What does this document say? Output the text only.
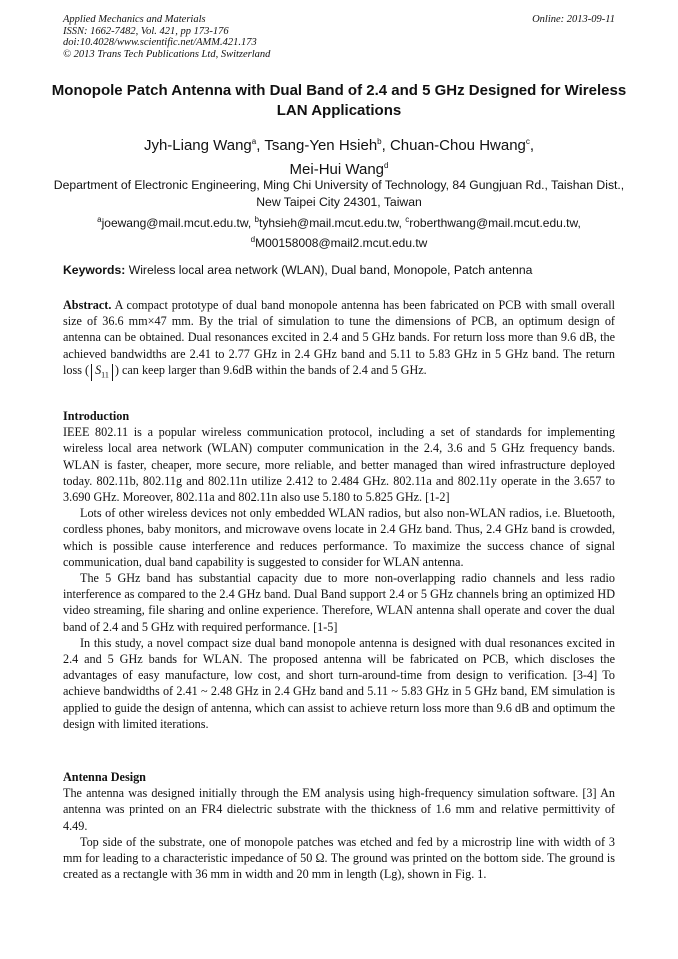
Applied Mechanics and Materials
ISSN: 1662-7482, Vol. 421, pp 173-176
doi:10.4028/www.scientific.net/AMM.421.173
© 2013 Trans Tech Publications Ltd, Switzerland
Online: 2013-09-11
Monopole Patch Antenna with Dual Band of 2.4 and 5 GHz Designed for Wireless LAN Applications
Jyh-Liang Wang$^a$, Tsang-Yen Hsieh$^b$, Chuan-Chou Hwang$^c$,
Mei-Hui Wang$^d$
Department of Electronic Engineering, Ming Chi University of Technology, 84 Gungjuan Rd., Taishan Dist., New Taipei City 24301, Taiwan
$^a$joewang@mail.mcut.edu.tw, $^b$tyhsieh@mail.mcut.edu.tw, $^c$roberthwang@mail.mcut.edu.tw,
$^d$M00158008@mail2.mcut.edu.tw
Keywords: Wireless local area network (WLAN), Dual band, Monopole, Patch antenna
Abstract. A compact prototype of dual band monopole antenna has been fabricated on PCB with small overall size of 36.6 mm×47 mm. By the trial of simulation to tune the dimensions of PCB, an optimum design of antenna can be obtained. Dual resonances excited in 2.4 and 5 GHz bands. For return loss more than 9.6 dB, the achieved bandwidths are 2.41 to 2.77 GHz in 2.4 GHz band and 5.11 to 5.83 GHz in 5 GHz band. The return loss ( $S_{11}$ ) can keep larger than 9.6dB within the bands of 2.4 and 5 GHz.

Introduction

IEEE 802.11 is a popular wireless communication protocol, including a set of standards for implementing wireless local area network (WLAN) computer communication in the 2.4, 3.6 and 5 GHz frequency bands. WLAN is faster, cheaper, more secure, more reliable, and better managed than wired infrastructure deployed today. 802.11b, 802.11g and 802.11n utilize 2.412 to 2.484 GHz. 802.11a and 802.11y operate in the 3.657 to 3.690 GHz. Moreover, 802.11a and 802.11n also use 5.180 to 5.825 GHz. [1-2]

Lots of other wireless devices not only embedded WLAN radios, but also non-WLAN radios, i.e. Bluetooth, cordless phones, baby monitors, and microwave ovens locate in 2.4 GHz band. Thus, 2.4 GHz band is crowded, which is possible cause interference and reduces performance. To maximize the success chance of signal communication, dual band capability is suggested to consider for WLAN antenna.

The 5 GHz band has substantial capacity due to more non-overlapping radio channels and less radio interference as compared to the 2.4 GHz band. Dual Band support 2.4 or 5 GHz channels bring an optimized HD video streaming, file sharing and online experience. Therefore, WLAN antenna shall operate and cover the dual band of 2.4 and 5 GHz with required performance. [1-5]

In this study, a novel compact size dual band monopole antenna is designed with dual resonances excited in 2.4 and 5 GHz bands for WLAN. The proposed antenna will be fabricated on PCB, which discloses the advantages of easy manufacture, low cost, and short turn-around-time from design to verification. [3-4] To achieve bandwidths of 2.41 ~ 2.48 GHz in 2.4 GHz band and 5.11 ~ 5.83 GHz in 5 GHz band, EM simulation is applied to guide the design of antenna, which can assist to achieve return loss more than 9.6 dB and optimum the design with limited iterations.

Antenna Design

The antenna was designed initially through the EM analysis using high-frequency simulation software. [3] An antenna was printed on an FR4 dielectric substrate with the thickness of 1.6 mm and relative permittivity of 4.49.

Top side of the substrate, one of monopole patches was etched and fed by a microstrip line with width of 3 mm for leading to a characteristic impedance of 50 Ω. The ground was printed on the bottom side. The ground is created as a rectangle with 36 mm in width and 20 mm in length (Lg), shown in Fig. 1.
